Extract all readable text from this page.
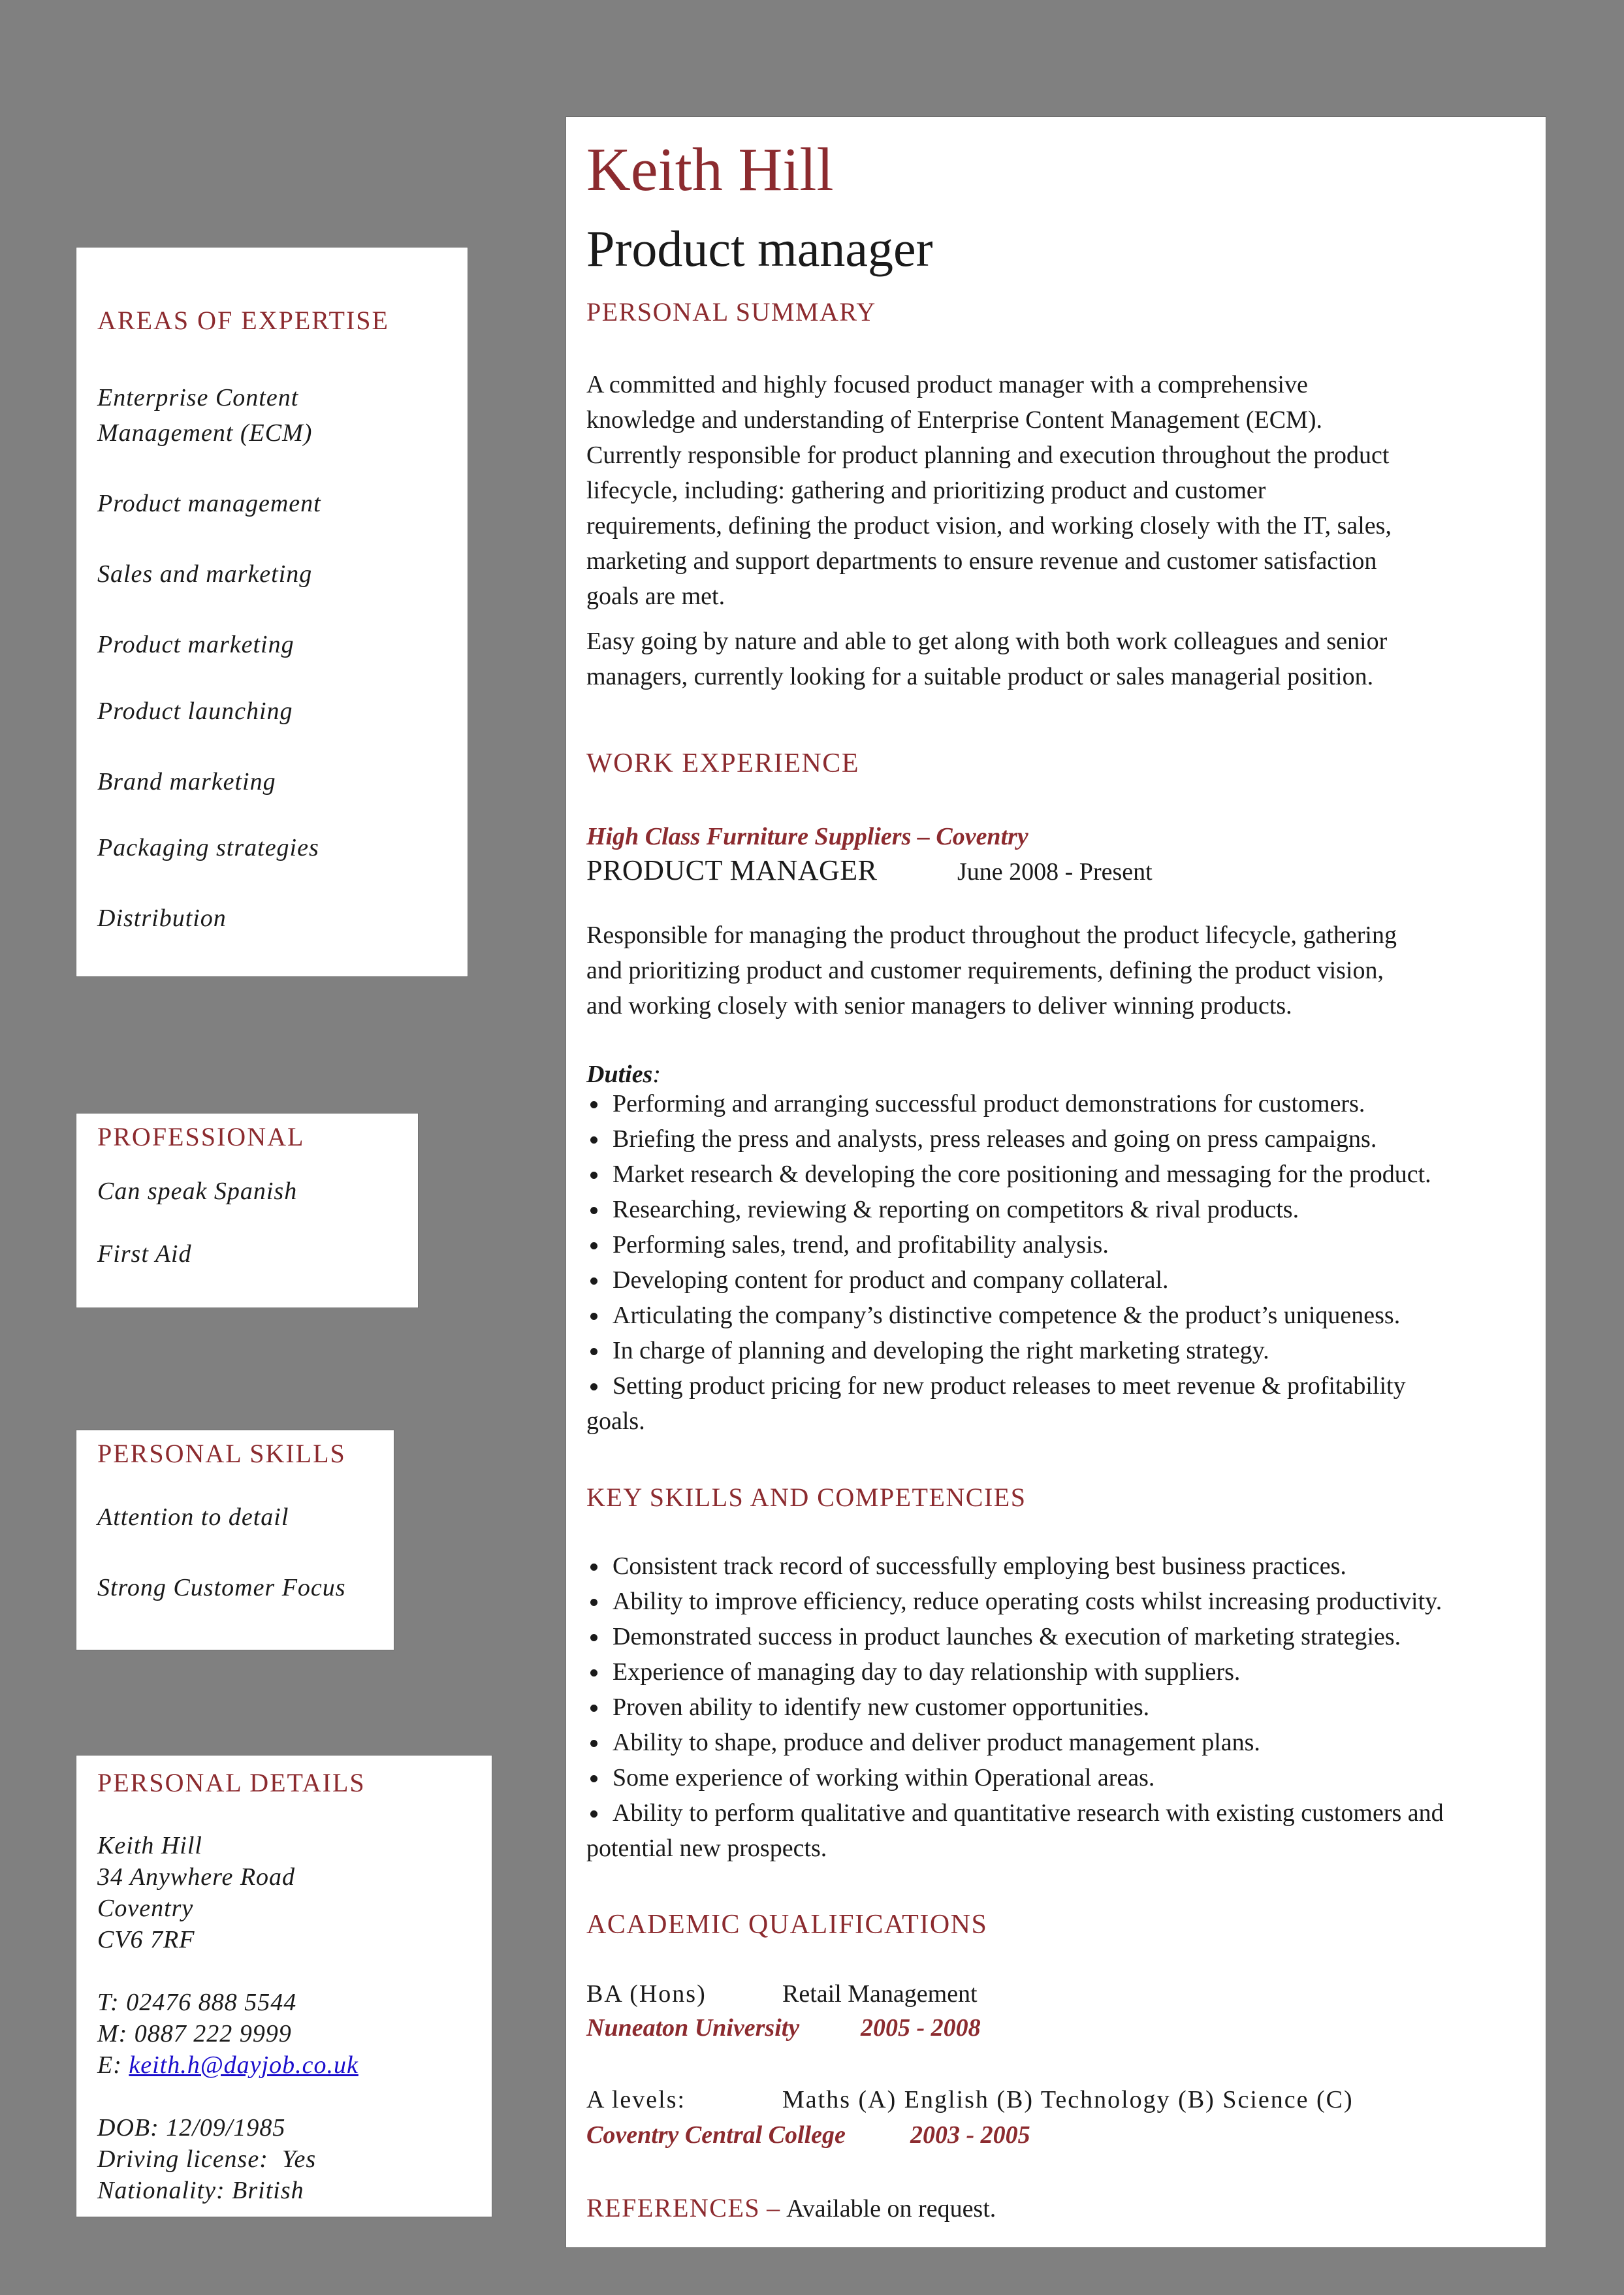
AREAS OF EXPERTISE
Enterprise Content
Management (ECM)
Product management
Sales and marketing
Product marketing
Product launching
Brand marketing
Packaging strategies
Distribution
PROFESSIONAL
Can speak Spanish
First Aid
PERSONAL SKILLS
Attention to detail
Strong Customer Focus
PERSONAL DETAILS
Keith Hill
34 Anywhere Road
Coventry
CV6 7RF
T: 02476 888 5544
M: 0887 222 9999
E: keith.h@dayjob.co.uk
DOB: 12/09/1985
Driving license:  Yes
Nationality: British
Keith Hill
Product manager
PERSONAL SUMMARY
A committed and highly focused product manager with a comprehensive
knowledge and understanding of Enterprise Content Management (ECM).
Currently responsible for product planning and execution throughout the product
lifecycle, including: gathering and prioritizing product and customer
requirements, defining the product vision, and working closely with the IT, sales,
marketing and support departments to ensure revenue and customer satisfaction
goals are met.
Easy going by nature and able to get along with both work colleagues and senior
managers, currently looking for a suitable product or sales managerial position.
WORK EXPERIENCE
High Class Furniture Suppliers – Coventry
PRODUCT MANAGER	June 2008 - Present
Responsible for managing the product throughout the product lifecycle, gathering
and prioritizing product and customer requirements, defining the product vision,
and working closely with senior managers to deliver winning products.
Duties:
Performing and arranging successful product demonstrations for customers.
Briefing the press and analysts, press releases and going on press campaigns.
Market research & developing the core positioning and messaging for the product.
Researching, reviewing & reporting on competitors & rival products.
Performing sales, trend, and profitability analysis.
Developing content for product and company collateral.
Articulating the company’s distinctive competence & the product’s uniqueness.
In charge of planning and developing the right marketing strategy.
Setting product pricing for new product releases to meet revenue & profitability
goals.
KEY SKILLS AND COMPETENCIES
Consistent track record of successfully employing best business practices.
Ability to improve efficiency, reduce operating costs whilst increasing productivity.
Demonstrated success in product launches & execution of marketing strategies.
Experience of managing day to day relationship with suppliers.
Proven ability to identify new customer opportunities.
Ability to shape, produce and deliver product management plans.
Some experience of working within Operational areas.
Ability to perform qualitative and quantitative research with existing customers and
potential new prospects.
ACADEMIC QUALIFICATIONS
BA (Hons)	Retail Management
Nuneaton University 2005 - 2008
A levels:	Maths (A) English (B) Technology (B) Science (C)
Coventry Central College	2003 - 2005
REFERENCES – Available on request.
